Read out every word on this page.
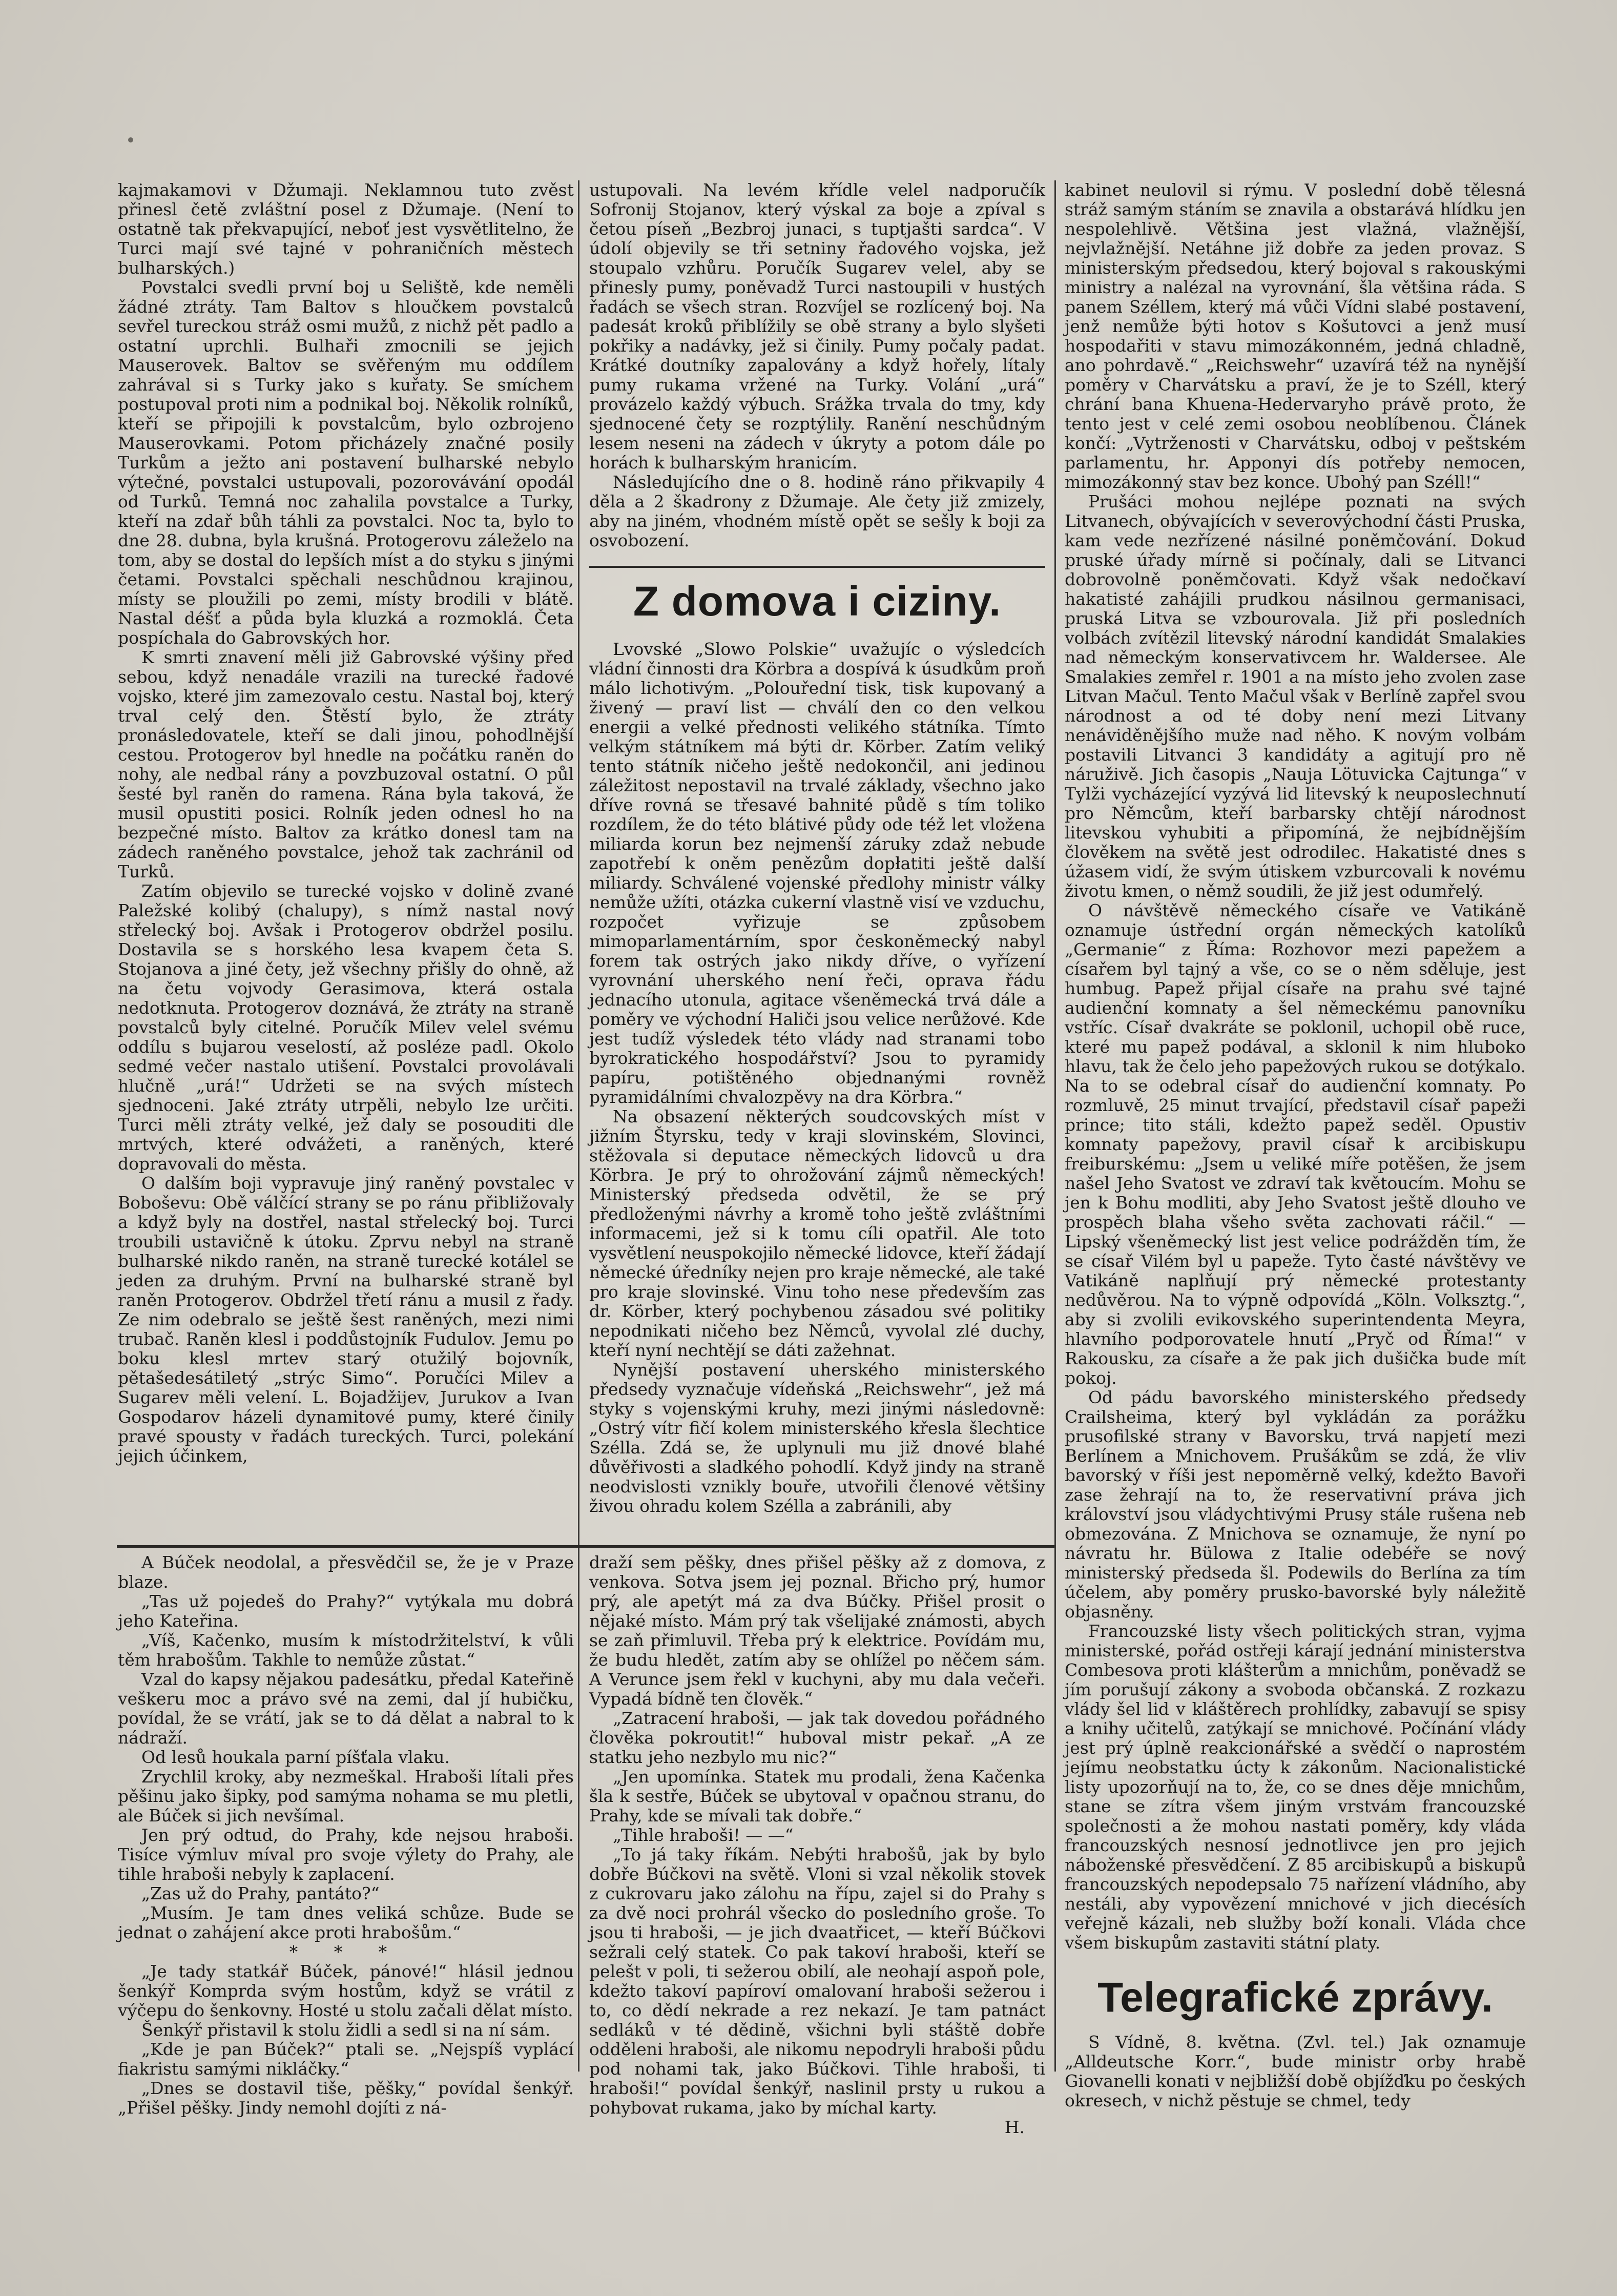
kajmakamovi v Džumaji. Neklamnou tuto zvěst přinesl četě zvláštní posel z Džumaje. (Není to ostatně tak překvapující, neboť jest vysvětlitelno, že Turci mají své tajné v pohraničních městech bulharských.)

Povstalci svedli první boj u Seliště, kde neměli žádné ztráty. Tam Baltov s hloučkem povstalců sevřel tureckou stráž osmi mužů, z nichž pět padlo a ostatní uprchli. Bulhaři zmocnili se jejich Mauserovek. Baltov se svěřeným mu oddílem zahrával si s Turky jako s kuřaty. Se smíchem postupoval proti nim a podnikal boj. Několik rolníků, kteří se připojili k povstalcům, bylo ozbrojeno Mauserovkami. Potom přicházely značné posily Turkům a ježto ani postavení bulharské nebylo výtečné, povstalci ustupovali, pozorovávání opodál od Turků. Temná noc zahalila povstalce a Turky, kteří na zdař bůh táhli za povstalci. Noc ta, bylo to dne 28. dubna, byla krušná. Protogerovu záleželo na tom, aby se dostal do lepších míst a do styku s jinými četami. Povstalci spěchali neschůdnou krajinou, místy se ploužili po zemi, místy brodili v blátě. Nastal déšť a půda byla kluzká a rozmoklá. Četa pospíchala do Gabrovských hor.

K smrti znavení měli již Gabrovské výšiny před sebou, když nenadále vrazili na turecké řadové vojsko, které jim zamezovalo cestu. Nastal boj, který trval celý den. Štěstí bylo, že ztráty pronásledovatele, kteří se dali jinou, pohodlnější cestou. Protogerov byl hnedle na počátku raněn do nohy, ale nedbal rány a povzbuzoval ostatní. O půl šesté byl raněn do ramena. Rána byla taková, že musil opustiti posici. Rolník jeden odnesl ho na bezpečné místo. Baltov za krátko donesl tam na zádech raněného povstalce, jehož tak zachránil od Turků.

Zatím objevilo se turecké vojsko v dolině zvané Paležské kolibý (chalupy), s nímž nastal nový střelecký boj. Avšak i Protogerov obdržel posilu. Dostavila se s horského lesa kvapem četa S. Stojanova a jiné čety, jež všechny přišly do ohně, až na četu vojvody Gerasimova, která ostala nedotknuta. Protogerov doznává, že ztráty na straně povstalců byly citelné. Poručík Milev velel svému oddílu s bujarou veselostí, až posléze padl. Okolo sedmé večer nastalo utišení. Povstalci provolávali hlučně „urá!“ Udržeti se na svých místech sjednoceni. Jaké ztráty utrpěli, nebylo lze určiti. Turci měli ztráty velké, jež daly se posouditi dle mrtvých, které odvážeti, a raněných, které dopravovali do města.

O dalším boji vypravuje jiný raněný povstalec v Boboševu: Obě válčící strany se po ránu přibližovaly a když byly na dostřel, nastal střelecký boj. Turci troubili ustavičně k útoku. Zprvu nebyl na straně bulharské nikdo raněn, na straně turecké kotálel se jeden za druhým. První na bulharské straně byl raněn Protogerov. Obdržel třetí ránu a musil z řady. Ze nim odebralo se ještě šest raněných, mezi nimi trubač. Raněn klesl i poddůstojník Fudulov. Jemu po boku klesl mrtev starý otužilý bojovník, pětašedesátiletý „strýc Simo“. Poručíci Milev a Sugarev měli velení. L. Bojadžijev, Jurukov a Ivan Gospodarov házeli dynamitové pumy, které činily pravé spousty v řadách tureckých. Turci, polekání jejich účinkem,

ustupovali. Na levém křídle velel nadporučík Sofronij Stojanov, který výskal za boje a zpíval s četou píseň „Bezbroj junaci, s tuptjašti sardca“. V údolí objevily se tři setniny řadového vojska, jež stoupalo vzhůru. Poručík Sugarev velel, aby se přinesly pumy, poněvadž Turci nastoupili v hustých řadách se všech stran. Rozvíjel se rozlícený boj. Na padesát kroků přiblížily se obě strany a bylo slyšeti pokřiky a nadávky, jež si činily. Pumy počaly padat. Krátké doutníky zapalovány a když hořely, lítaly pumy rukama vržené na Turky. Volání „urá“ provázelo každý výbuch. Srážka trvala do tmy, kdy sjednocené čety se rozptýlily. Ranění neschůdným lesem neseni na zádech v úkryty a potom dále po horách k bulharským hranicím.

Následujícího dne o 8. hodině ráno přikvapily 4 děla a 2 škadrony z Džumaje. Ale čety již zmizely, aby na jiném, vhodném místě opět se sešly k boji za osvobození.

Z domova i ciziny.

Lvovské „Slowo Polskie“ uvažujíc o výsledcích vládní činnosti dra Körbra a dospívá k úsudkům proň málo lichotivým. „Polouřední tisk, tisk kupovaný a živený — praví list — chválí den co den velkou energii a velké přednosti velikého státníka. Tímto velkým státníkem má býti dr. Körber. Zatím veliký tento státník ničeho ještě nedokončil, ani jedinou záležitost nepostavil na trvalé základy, všechno jako dříve rovná se třesavé bahnité půdě s tím toliko rozdílem, že do této blátivé půdy ode též let vložena miliarda korun bez nejmenší záruky zdaž nebude zapotřebí k oněm penězům dopłatiti ještě další miliardy. Schválené vojenské předlohy ministr války nemůže užíti, otázka cukerní vlastně visí ve vzduchu, rozpočet vyřizuje se způsobem mimoparlamentárním, spor českoněmecký nabyl forem tak ostrých jako nikdy dříve, o vyřízení vyrovnání uherského není řeči, oprava řádu jednacího utonula, agitace všeněmecká trvá dále a poměry ve východní Haliči jsou velice nerůžové. Kde jest tudíž výsledek této vlády nad stranami tobo byrokratického hospodářství? Jsou to pyramidy papíru, potištěného objednanými rovněž pyramidálními chvalozpěvy na dra Körbra.“

Na obsazení některých soudcovských míst v jižním Štyrsku, tedy v kraji slovinském, Slovinci, stěžovala si deputace německých lidovců u dra Körbra. Je prý to ohrožování zájmů německých! Ministerský předseda odvětil, že se prý předloženými návrhy a kromě toho ještě zvláštními informacemi, jež si k tomu cíli opatřil. Ale toto vysvětlení neuspokojilo německé lidovce, kteří žádají německé úředníky nejen pro kraje německé, ale také pro kraje slovinské. Vinu toho nese především zas dr. Körber, který pochybenou zásadou své politiky nepodnikati ničeho bez Němců, vyvolal zlé duchy, kteří nyní nechtějí se dáti zažehnat.

Nynější postavení uherského ministerského předsedy vyznačuje vídeňská „Reichswehr“, jež má styky s vojenskými kruhy, mezi jinými následovně: „Ostrý vítr fičí kolem ministerského křesla šlechtice Szélla. Zdá se, že uplynuli mu již dnové blahé důvěřivosti a sladkého pohodlí. Když jindy na straně neodvislosti vznikly bouře, utvořili členové většiny živou ohradu kolem Szélla a zabránili, aby

kabinet neulovil si rýmu. V poslední době tělesná stráž samým stáním se znavila a obstarává hlídku jen nespolehlivě. Většina jest vlažná, vlažnější, nejvlažnější. Netáhne již dobře za jeden provaz. S ministerským předsedou, který bojoval s rakouskými ministry a nalézal na vyrovnání, šla většina ráda. S panem Széllem, který má vůči Vídni slabé postavení, jenž nemůže býti hotov s Košutovci a jenž musí hospodařiti v stavu mimozákonném, jedná chladně, ano pohrdavě.“ „Reichswehr“ uzavírá též na nynější poměry v Charvátsku a praví, že je to Széll, který chrání bana Khuena-Hedervaryho právě proto, že tento jest v celé zemi osobou neoblíbenou. Článek končí: „Vytrženosti v Charvátsku, odboj v peštském parlamentu, hr. Apponyi dís potřeby nemocen, mimozákonný stav bez konce. Ubohý pan Széll!“

Prušáci mohou nejlépe poznati na svých Litvanech, obývajících v severovýchodní části Pruska, kam vede nezřízené násilné poněmčování. Dokud pruské úřady mírně si počínaly, dali se Litvanci dobrovolně poněmčovati. Když však nedočkaví hakatisté zahájili prudkou násilnou germanisaci, pruská Litva se vzbourovala. Již při posledních volbách zvítězil litevský národní kandidát Smalakies nad německým konservativcem hr. Waldersee. Ale Smalakies zemřel r. 1901 a na místo jeho zvolen zase Litvan Mačul. Tento Mačul však v Berlíně zapřel svou národnost a od té doby není mezi Litvany nenáviděnějšího muže nad něho. K novým volbám postavili Litvanci 3 kandidáty a agitují pro ně náruživě. Jich časopis „Nauja Lötuvicka Cajtunga“ v Tylži vycházející vyzývá lid litevský k neuposlechnutí pro Němcům, kteří barbarsky chtějí národnost litevskou vyhubiti a připomíná, že nejbídnějším člověkem na světě jest odrodilec. Hakatisté dnes s úžasem vidí, že svým útiskem vzburcovali k novému životu kmen, o němž soudili, že již jest odumřelý.

O návštěvě německého císaře ve Vatikáně oznamuje ústřední orgán německých katolíků „Germanie“ z Říma: Rozhovor mezi papežem a císařem byl tajný a vše, co se o něm sděluje, jest humbug. Papež přijal císaře na prahu své tajné audienční komnaty a šel německému panovníku vstříc. Císař dvakráte se poklonil, uchopil obě ruce, které mu papež podával, a sklonil k nim hluboko hlavu, tak že čelo jeho papežových rukou se dotýkalo. Na to se odebral císař do audienční komnaty. Po rozmluvě, 25 minut trvající, představil císař papeži prince; tito stáli, kdežto papež seděl. Opustiv komnaty papežovy, pravil císař k arcibiskupu freiburskému: „Jsem u veliké míře potěšen, že jsem našel Jeho Svatost ve zdraví tak květoucím. Mohu se jen k Bohu modliti, aby Jeho Svatost ještě dlouho ve prospěch blaha všeho světa zachovati ráčil.“ — Lipský všeněmecký list jest velice podrážděn tím, že se císař Vilém byl u papeže. Tyto časté návštěvy ve Vatikáně naplňují prý německé protestanty nedůvěrou. Na to výpně odpovídá „Köln. Volksztg.“, aby si zvolili evikovského superintendenta Meyra, hlavního podporovatele hnutí „Pryč od Říma!“ v Rakousku, za císaře a že pak jich dušička bude mít pokoj.

Od pádu bavorského ministerského předsedy Crailsheima, který byl vykládán za porážku prusofilské strany v Bavorsku, trvá napjetí mezi Berlínem a Mnichovem. Prušákům se zdá, že vliv bavorský v říši jest nepoměrně velký, kdežto Bavoři zase žehrají na to, že reservativní práva jich království jsou vládychtivými Prusy stále rušena neb obmezována. Z Mnichova se oznamuje, že nyní po návratu hr. Bülowa z Italie odebéře se nový ministerský předseda šl. Podewils do Berlína za tím účelem, aby poměry prusko-bavorské byly náležitě objasněny.

Francouzské listy všech politických stran, vyjma ministerské, pořád ostřeji kárají jednání ministerstva Combesova proti klášterům a mnichům, poněvadž se jím porušují zákony a svoboda občanská. Z rozkazu vlády šel lid v kláštěrech prohlídky, zabavují se spisy a knihy učitelů, zatýkají se mnichové. Počínání vlády jest prý úplně reakcionářské a svědčí o naprostém jejímu neobstatku úcty k zákonům. Nacionalistické listy upozorňují na to, že, co se dnes děje mnichům, stane se zítra všem jiným vrstvám francouzské společnosti a že mohou nastati poměry, kdy vláda francouzských nesnosí jednotlivce jen pro jejich náboženské přesvědčení. Z 85 arcibiskupů a biskupů francouzských nepodepsalo 75 nařízení vládního, aby nestáli, aby vypovězení mnichové v jich diecésích veřejně kázali, neb služby boží konali. Vláda chce všem biskupům zastaviti státní platy.

Telegrafické zprávy.

S Vídně, 8. května. (Zvl. tel.) Jak oznamuje „Alldeutsche Korr.“, bude ministr orby hrabě Giovanelli konati v nejbližší době objížďku po českých okresech, v nichž pěstuje se chmel, tedy

A Búček neodolal, a přesvědčil se, že je v Praze blaze.

„Tas už pojedeš do Prahy?“ vytýkala mu dobrá jeho Kateřina.

„Víš, Kačenko, musím k místodržitelství, k vůli těm hrabošům. Takhle to nemůže zůstat.“

Vzal do kapsy nějakou padesátku, předal Kateřině veškeru moc a právo své na zemi, dal jí hubičku, povídal, že se vrátí, jak se to dá dělat a nabral to k nádraží.

Od lesů houkala parní píšťala vlaku.

Zrychlil kroky, aby nezmeškal. Hraboši lítali přes pěšinu jako šipky, pod samýma nohama se mu pletli, ale Búček si jich nevšímal.

Jen prý odtud, do Prahy, kde nejsou hraboši. Tisíce výmluv míval pro svoje výlety do Prahy, ale tihle hraboši nebyly k zaplacení.

„Zas už do Prahy, pantáto?“

„Musím. Je tam dnes veliká schůze. Bude se jednat o zahájení akce proti hrabošům.“

* * *

„Je tady statkář Búček, pánové!“ hlásil jednou šenkýř Komprda svým hostům, když se vrátil z výčepu do šenkovny. Hosté u stolu začali dělat místo.

Šenkýř přistavil k stolu židli a sedl si na ní sám.

„Kde je pan Búček?“ ptali se. „Nejspíš vyplácí fiakristu samými nikláčky.“

„Dnes se dostavil tiše, pěšky,“ povídal šenkýř. „Přišel pěšky. Jindy nemohl dojíti z ná-

draží sem pěšky, dnes přišel pěšky až z domova, z venkova. Sotva jsem jej poznal. Břicho prý, humor prý, ale apetýt má za dva Búčky. Přišel prosit o nějaké místo. Mám prý tak všelijaké známosti, abych se zaň přimluvil. Třeba prý k elektrice. Povídám mu, že budu hledět, zatím aby se ohlížel po něčem sám. A Verunce jsem řekl v kuchyni, aby mu dala večeři. Vypadá bídně ten člověk.“

„Zatracení hraboši, — jak tak dovedou pořádného člověka pokroutit!“ huboval mistr pekař. „A ze statku jeho nezbylo mu nic?“

„Jen upomínka. Statek mu prodali, žena Kačenka šla k sestře, Búček se ubytoval v opačnou stranu, do Prahy, kde se mívali tak dobře.“

„Tihle hraboši! — —“

„To já taky říkám. Nebýti hrabošů, jak by bylo dobře Búčkovi na světě. Vloni si vzal několik stovek z cukrovaru jako zálohu na řípu, zajel si do Prahy s za dvě noci prohrál všecko do posledního groše. To jsou ti hraboši, — je jich dvaatřicet, — kteří Búčkovi sežrali celý statek. Co pak takoví hraboši, kteří se pelešt v poli, ti sežerou obilí, ale neohají aspoň pole, kdežto takoví papíroví omalovaní hraboši sežerou i to, co dědí nekrade a rez nekazí. Je tam patnáct sedláků v té dědině, všichni byli stáště dobře odděleni hraboši, ale nikomu nepodryli hraboši půdu pod nohami tak, jako Búčkovi. Tihle hraboši, ti hraboši!“ povídal šenkýř, naslinil prsty u rukou a pohybovat rukama, jako by míchal karty.

H.
